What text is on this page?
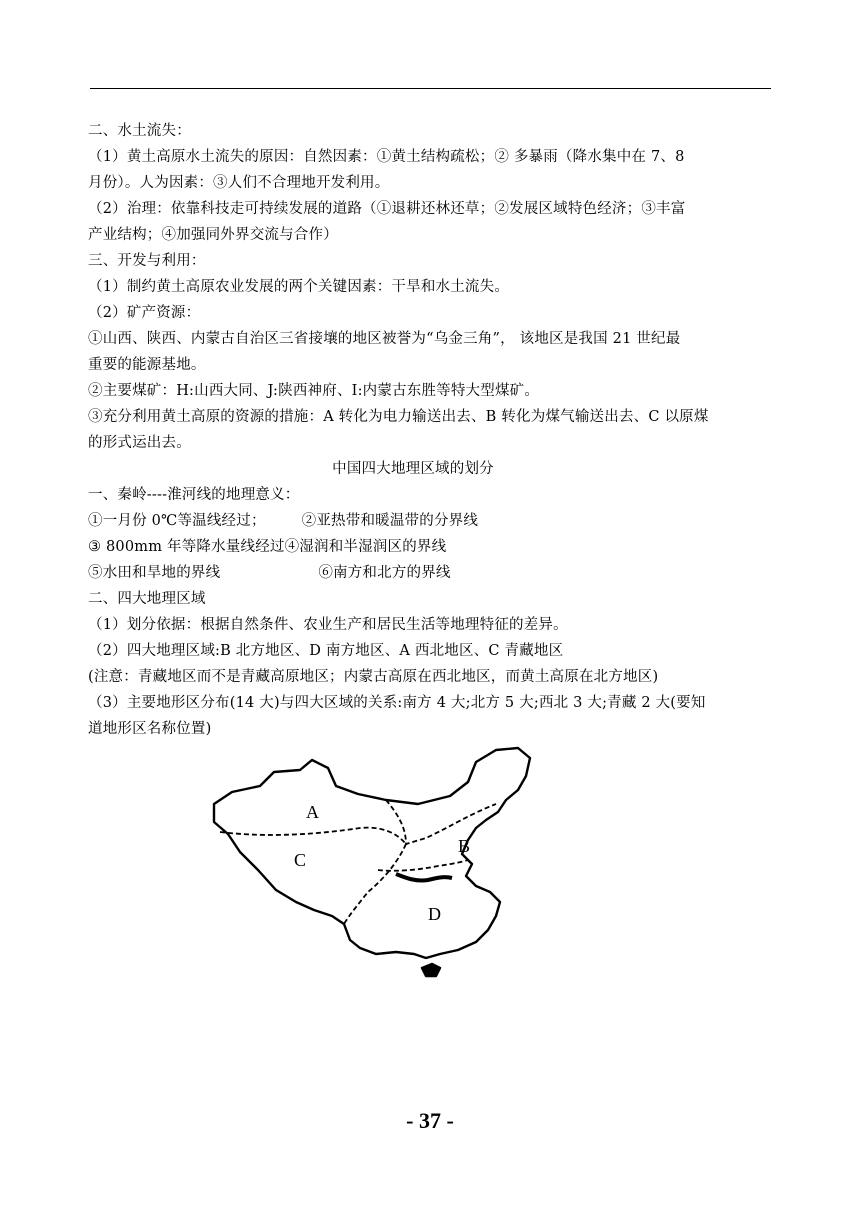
二、水土流失：
（1）黄土高原水土流失的原因：自然因素：①黄土结构疏松；② 多暴雨（降水集中在 7、8
月份）。人为因素：③人们不合理地开发利用。
（2）治理：依靠科技走可持续发展的道路（①退耕还林还草；②发展区域特色经济；③丰富
产业结构；④加强同外界交流与合作）
三、开发与利用：
（1）制约黄土高原农业发展的两个关键因素：干旱和水土流失。
（2）矿产资源：
①山西、陕西、内蒙古自治区三省接壤的地区被誉为“乌金三角”， 该地区是我国 21 世纪最
重要的能源基地。
②主要煤矿：H:山西大同、J:陕西神府、I:内蒙古东胜等特大型煤矿。
③充分利用黄土高原的资源的措施：A 转化为电力输送出去、B 转化为煤气输送出去、C 以原煤
的形式运出去。
中国四大地理区域的划分
一、秦岭----淮河线的地理意义：
①一月份 0℃等温线经过； ②亚热带和暖温带的分界线
③ 800mm 年等降水量线经过④湿润和半湿润区的界线
⑤水田和旱地的界线	⑥南方和北方的界线
二、四大地理区域
（1）划分依据：根据自然条件、农业生产和居民生活等地理特征的差异。
（2）四大地理区域:B 北方地区、D 南方地区、A 西北地区、C 青藏地区
(注意：青藏地区而不是青藏高原地区；内蒙古高原在西北地区，而黄土高原在北方地区)
（3）主要地形区分布(14 大)与四大区域的关系:南方 4 大;北方 5 大;西北 3 大;青藏 2 大(要知
道地形区名称位置)
A
B
C
D
- 37 -
